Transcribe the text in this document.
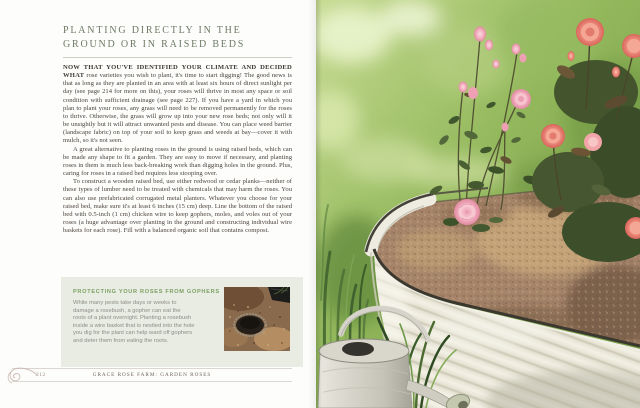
PLANTING DIRECTLY IN THE
GROUND OR IN RAISED BEDS

NOW THAT YOU'VE IDENTIFIED YOUR CLIMATE AND DECIDED WHAT rose varieties you wish to plant, it's time to start digging! The good news is that as long as they are planted in an area with at least six hours of direct sunlight per day (see page 214 for more on this), your roses will thrive in most any space or soil condition with sufficient drainage (see page 227). If you have a yard in which you plan to plant your roses, any grass will need to be removed permanently for the roses to thrive. Otherwise, the grass will grow up into your new rose beds; not only will it be unsightly but it will attract unwanted pests and disease. You can place weed barrier (landscape fabric) on top of your soil to keep grass and weeds at bay—cover it with mulch, so it's not seen.

A great alternative to planting roses in the ground is using raised beds, which can be made any shape to fit a garden. They are easy to move if necessary, and planting roses in them is much less back-breaking work than digging holes in the ground. Plus, caring for roses in a raised bed requires less stooping over.

To construct a wooden raised bed, use either redwood or cedar planks—neither of these types of lumber need to be treated with chemicals that may harm the roses. You can also use prefabricated corrugated metal planters. Whatever you choose for your raised bed, make sure it's at least 6 inches (15 cm) deep. Line the bottom of the raised bed with 0.5-inch (1 cm) chicken wire to keep gophers, moles, and voles out of your roses (a huge advantage over planting in the ground and constructing individual wire baskets for each rose). Fill with a balanced organic soil that contains compost.

PROTECTING YOUR ROSES FROM GOPHERS
While many pests take days or weeks to damage a rosebush, a gopher can eat the roots of a plant overnight. Planting a rosebush inside a wire basket that is nestled into the hole you dig for the plant can help ward off gophers and deter them from eating the roots.
212	GRACE ROSE FARM: GARDEN ROSES
